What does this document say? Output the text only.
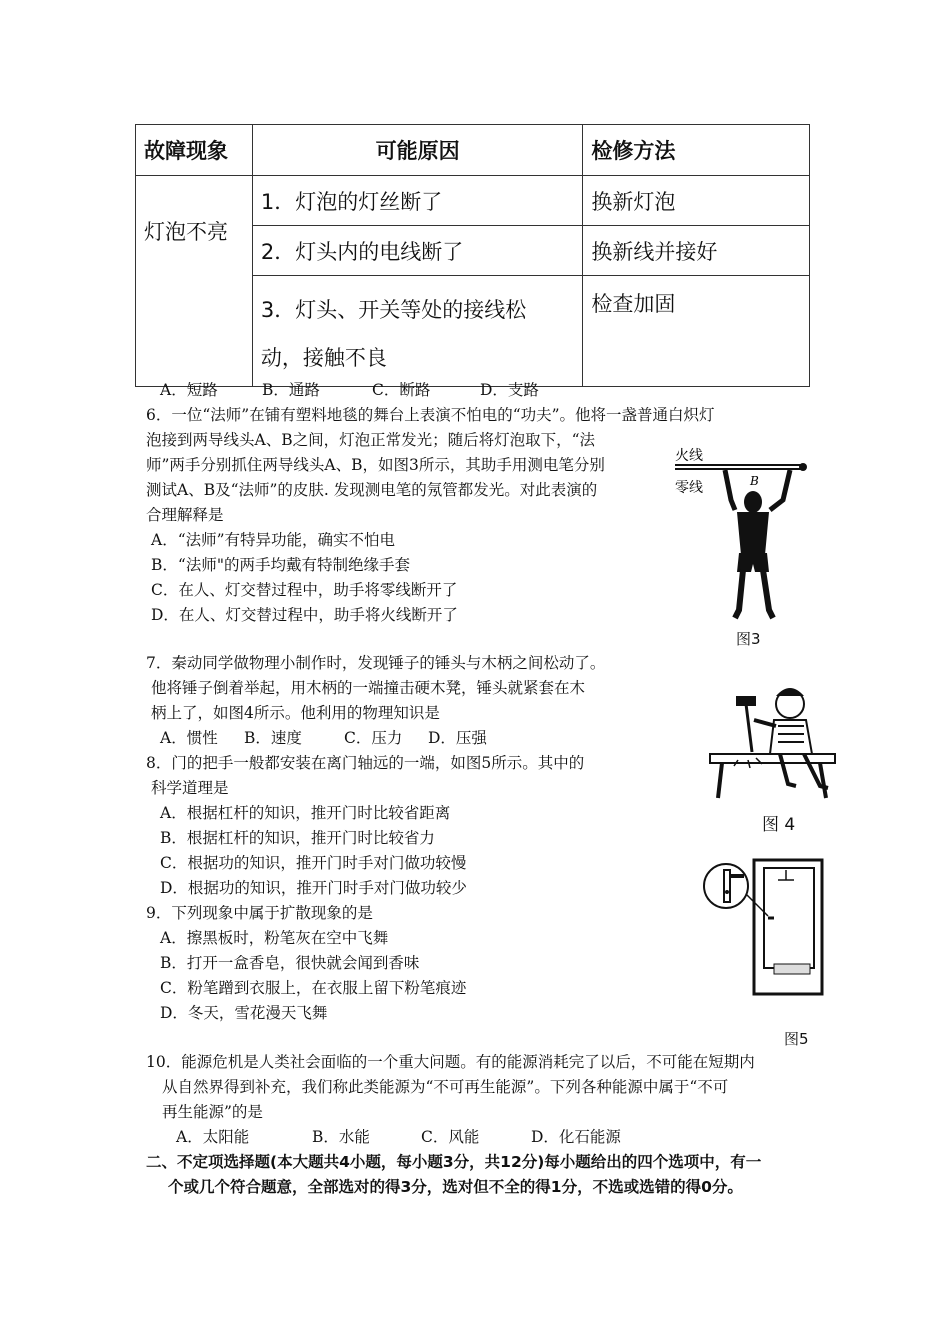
故障现象	可能原因	检修方法
灯泡不亮	1．灯泡的灯丝断了	换新灯泡
	2．灯头内的电线断了	换新线并接好
	3．灯头、开关等处的接线松
动，接触不良	检查加固
A．短路	B．通路	C．断路	D．支路
6．一位“法师”在铺有塑料地毯的舞台上表演不怕电的“功夫”。他将一盏普通白炽灯
泡接到两导线头A、B之间，灯泡正常发光；随后将灯泡取下，“法
师”两手分别抓住两导线头A、B，如图3所示，其助手用测电笔分别
测试A、B及“法师”的皮肤. 发现测电笔的氖管都发光。对此表演的
合理解释是
A．“法师”有特异功能，确实不怕电
B．“法师"的两手均戴有特制绝缘手套
C．在人、灯交替过程中，助手将零线断开了
D．在人、灯交替过程中，助手将火线断开了
火线
零线	B
图3
7．秦动同学做物理小制作时，发现锤子的锤头与木柄之间松动了。
他将锤子倒着举起，用木柄的一端撞击硬木凳，锤头就紧套在木
柄上了，如图4所示。他利用的物理知识是
A．惯性 B．速度	C．压力 D．压强
图 4
8．门的把手一般都安装在离门轴远的一端，如图5所示。其中的
科学道理是
A．根据杠杆的知识，推开门时比较省距离
B．根据杠杆的知识，推开门时比较省力
C．根据功的知识，推开门时手对门做功较慢
D．根据功的知识，推开门时手对门做功较少
图5
9．下列现象中属于扩散现象的是
A．擦黑板时，粉笔灰在空中飞舞
B．打开一盒香皂，很快就会闻到香味
C．粉笔蹭到衣服上，在衣服上留下粉笔痕迹
D．冬天，雪花漫天飞舞
10．能源危机是人类社会面临的一个重大问题。有的能源消耗完了以后，不可能在短期内
从自然界得到补充，我们称此类能源为“不可再生能源”。下列各种能源中属于“不可
再生能源”的是
A．太阳能	B．水能	C．风能	D．化石能源
二、不定项选择题(本大题共4小题，每小题3分，共12分)每小题给出的四个选项中，有一
个或几个符合题意，全部选对的得3分，选对但不全的得1分，不选或选错的得0分。
